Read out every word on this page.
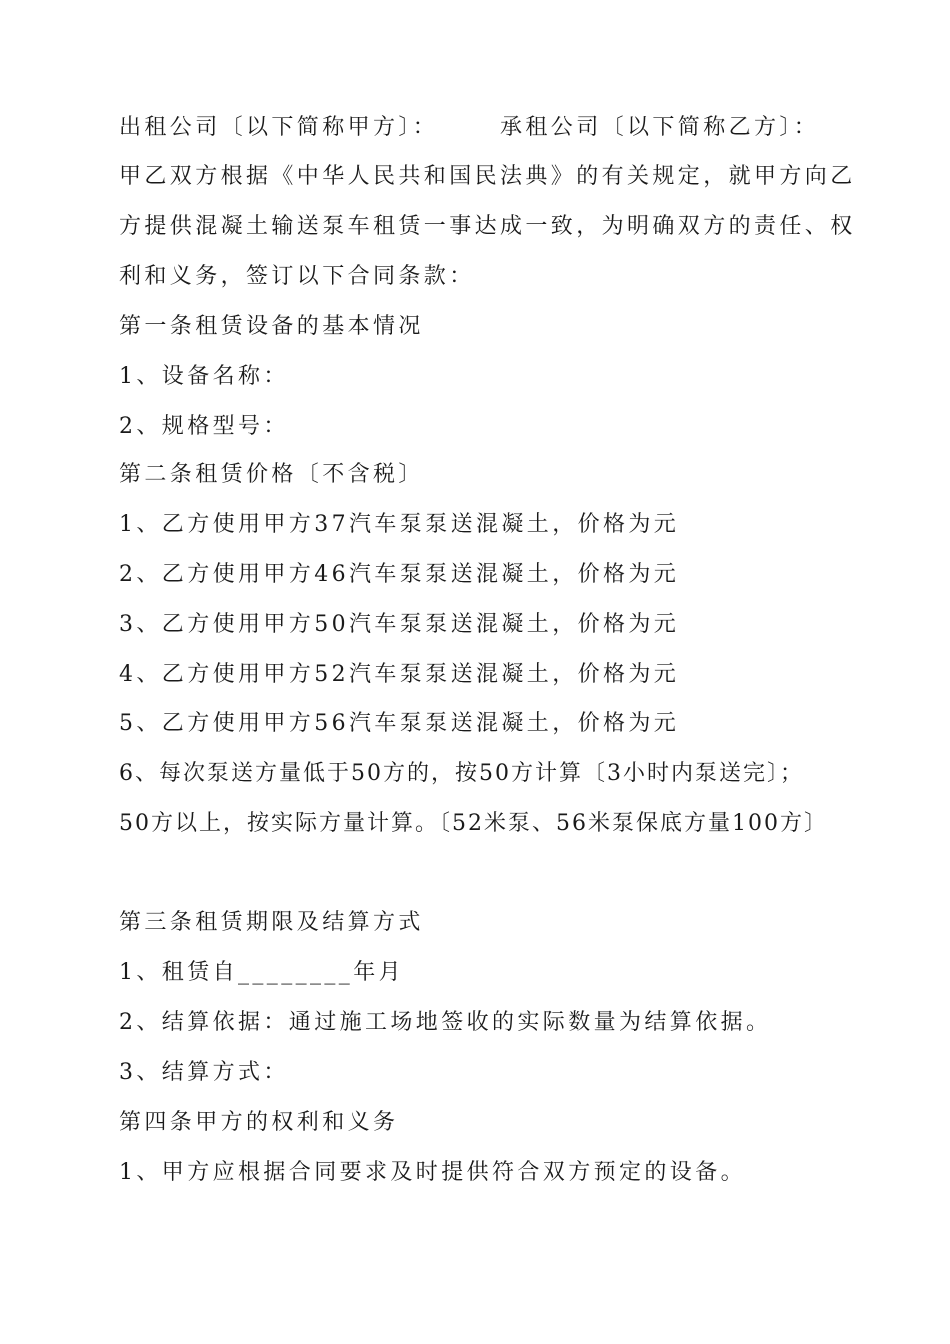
出租公司〔以下简称甲方〕：	承租公司〔以下简称乙方〕：
甲乙双方根据《中华人民共和国民法典》的有关规定，就甲方向乙
方提供混凝土输送泵车租赁一事达成一致，为明确双方的责任、权
利和义务，签订以下合同条款：
第一条租赁设备的基本情况
1、设备名称：
2、规格型号：
第二条租赁价格〔不含税〕
1、乙方使用甲方37汽车泵泵送混凝土，价格为元
2、乙方使用甲方46汽车泵泵送混凝土，价格为元
3、乙方使用甲方50汽车泵泵送混凝土，价格为元
4、乙方使用甲方52汽车泵泵送混凝土，价格为元
5、乙方使用甲方56汽车泵泵送混凝土，价格为元
6、每次泵送方量低于50方的，按50方计算〔3小时内泵送完〕；
50方以上，按实际方量计算。〔52米泵、56米泵保底方量100方〕
第三条租赁期限及结算方式
1、租赁自________年月
2、结算依据：通过施工场地签收的实际数量为结算依据。
3、结算方式：
第四条甲方的权利和义务
1、甲方应根据合同要求及时提供符合双方预定的设备。
